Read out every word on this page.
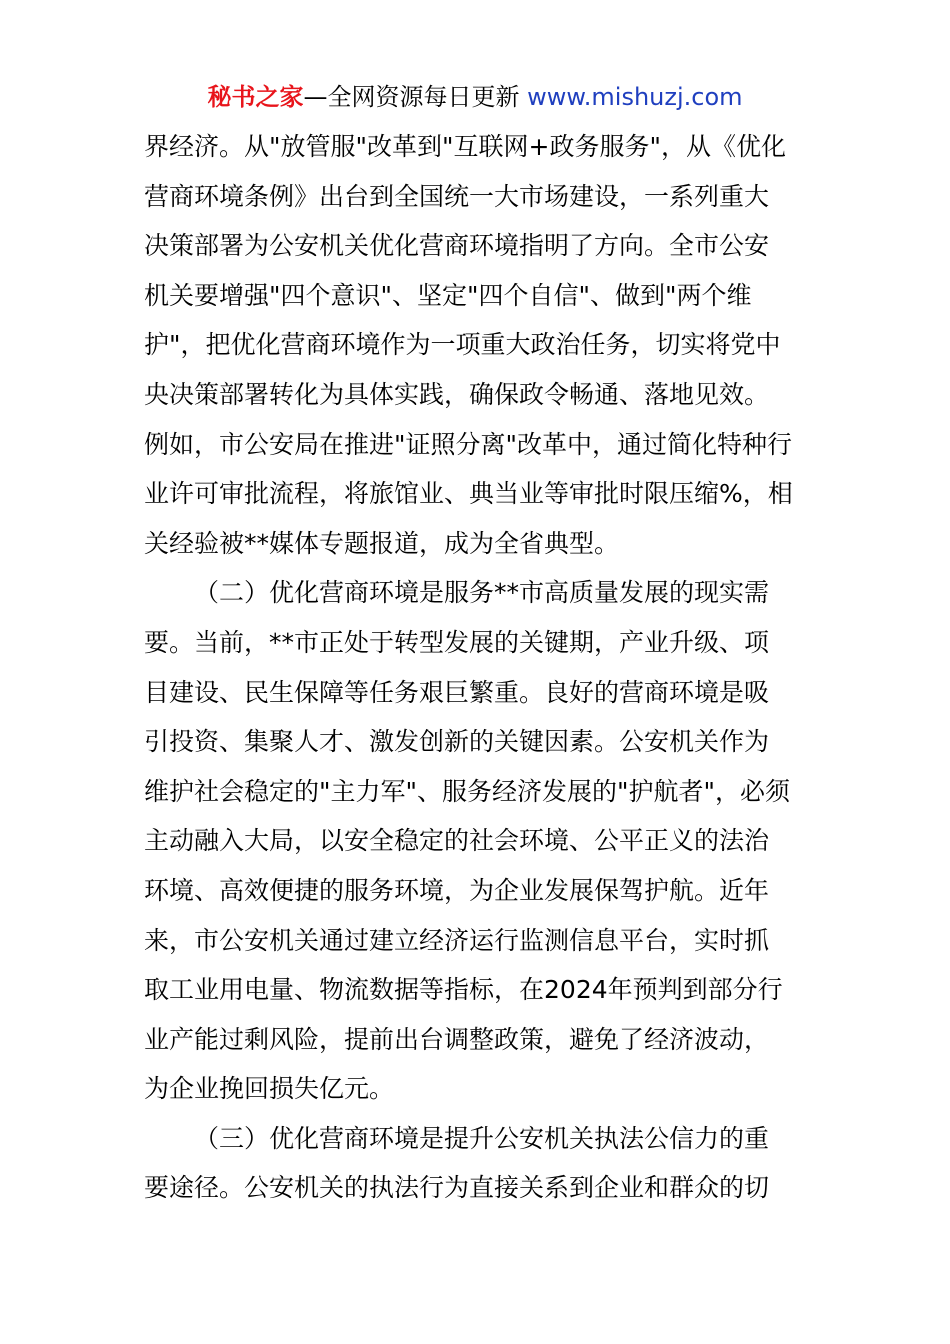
秘书之家—全网资源每日更新 www.mishuzj.com
界经济。从"放管服"改革到"互联网+政务服务"，从《优化
营商环境条例》出台到全国统一大市场建设，一系列重大
决策部署为公安机关优化营商环境指明了方向。全市公安
机关要增强"四个意识"、坚定"四个自信"、做到"两个维
护"，把优化营商环境作为一项重大政治任务，切实将党中
央决策部署转化为具体实践，确保政令畅通、落地见效。
例如，市公安局在推进"证照分离"改革中，通过简化特种行
业许可审批流程，将旅馆业、典当业等审批时限压缩%，相
关经验被**媒体专题报道，成为全省典型。
（二）优化营商环境是服务**市高质量发展的现实需
要。当前，**市正处于转型发展的关键期，产业升级、项
目建设、民生保障等任务艰巨繁重。良好的营商环境是吸
引投资、集聚人才、激发创新的关键因素。公安机关作为
维护社会稳定的"主力军"、服务经济发展的"护航者"，必须
主动融入大局，以安全稳定的社会环境、公平正义的法治
环境、高效便捷的服务环境，为企业发展保驾护航。近年
来，市公安机关通过建立经济运行监测信息平台，实时抓
取工业用电量、物流数据等指标，在2024年预判到部分行
业产能过剩风险，提前出台调整政策，避免了经济波动，
为企业挽回损失亿元。
（三）优化营商环境是提升公安机关执法公信力的重
要途径。公安机关的执法行为直接关系到企业和群众的切
